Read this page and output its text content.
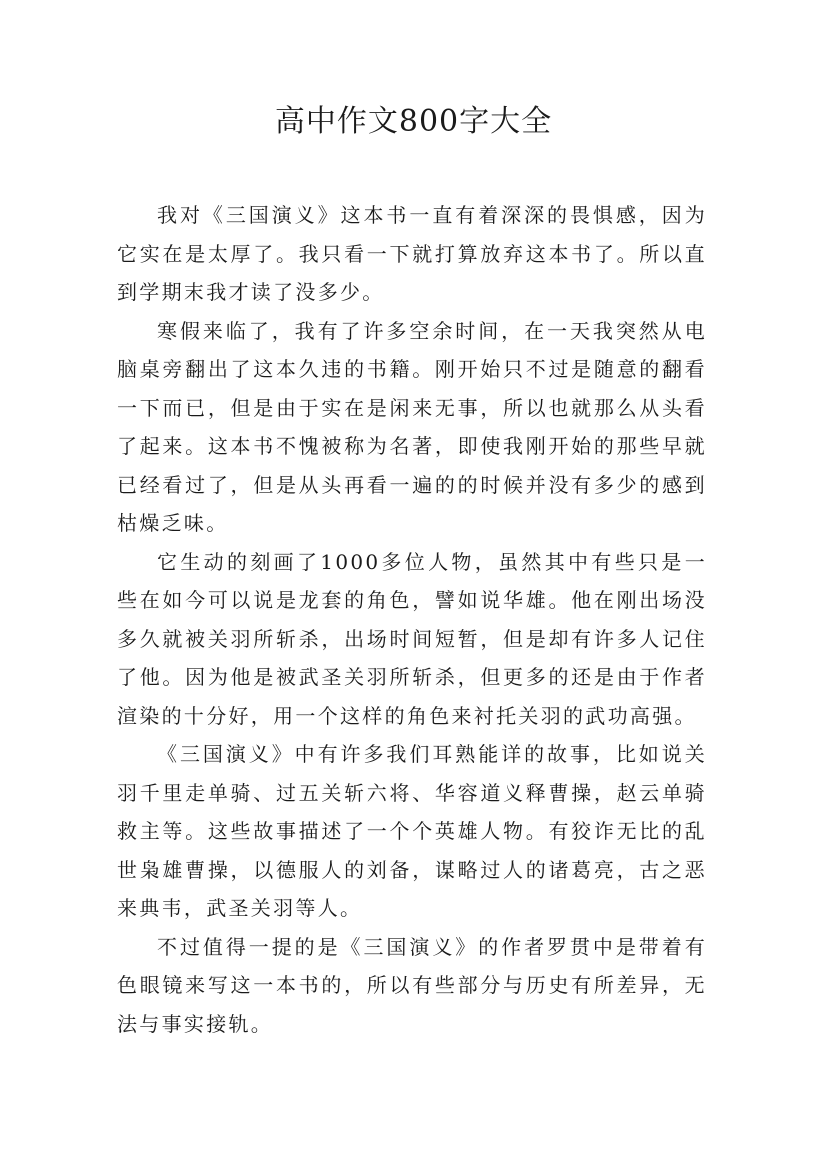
高中作文800字大全

我对《三国演义》这本书一直有着深深的畏惧感，因为它实在是太厚了。我只看一下就打算放弃这本书了。所以直到学期末我才读了没多少。

寒假来临了，我有了许多空余时间，在一天我突然从电脑桌旁翻出了这本久违的书籍。刚开始只不过是随意的翻看一下而已，但是由于实在是闲来无事，所以也就那么从头看了起来。这本书不愧被称为名著，即使我刚开始的那些早就已经看过了，但是从头再看一遍的的时候并没有多少的感到枯燥乏味。

它生动的刻画了1000多位人物，虽然其中有些只是一些在如今可以说是龙套的角色，譬如说华雄。他在刚出场没多久就被关羽所斩杀，出场时间短暂，但是却有许多人记住了他。因为他是被武圣关羽所斩杀，但更多的还是由于作者渲染的十分好，用一个这样的角色来衬托关羽的武功高强。

《三国演义》中有许多我们耳熟能详的故事，比如说关羽千里走单骑、过五关斩六将、华容道义释曹操，赵云单骑救主等。这些故事描述了一个个英雄人物。有狡诈无比的乱世枭雄曹操，以德服人的刘备，谋略过人的诸葛亮，古之恶来典韦，武圣关羽等人。

不过值得一提的是《三国演义》的作者罗贯中是带着有色眼镜来写这一本书的，所以有些部分与历史有所差异，无法与事实接轨。
